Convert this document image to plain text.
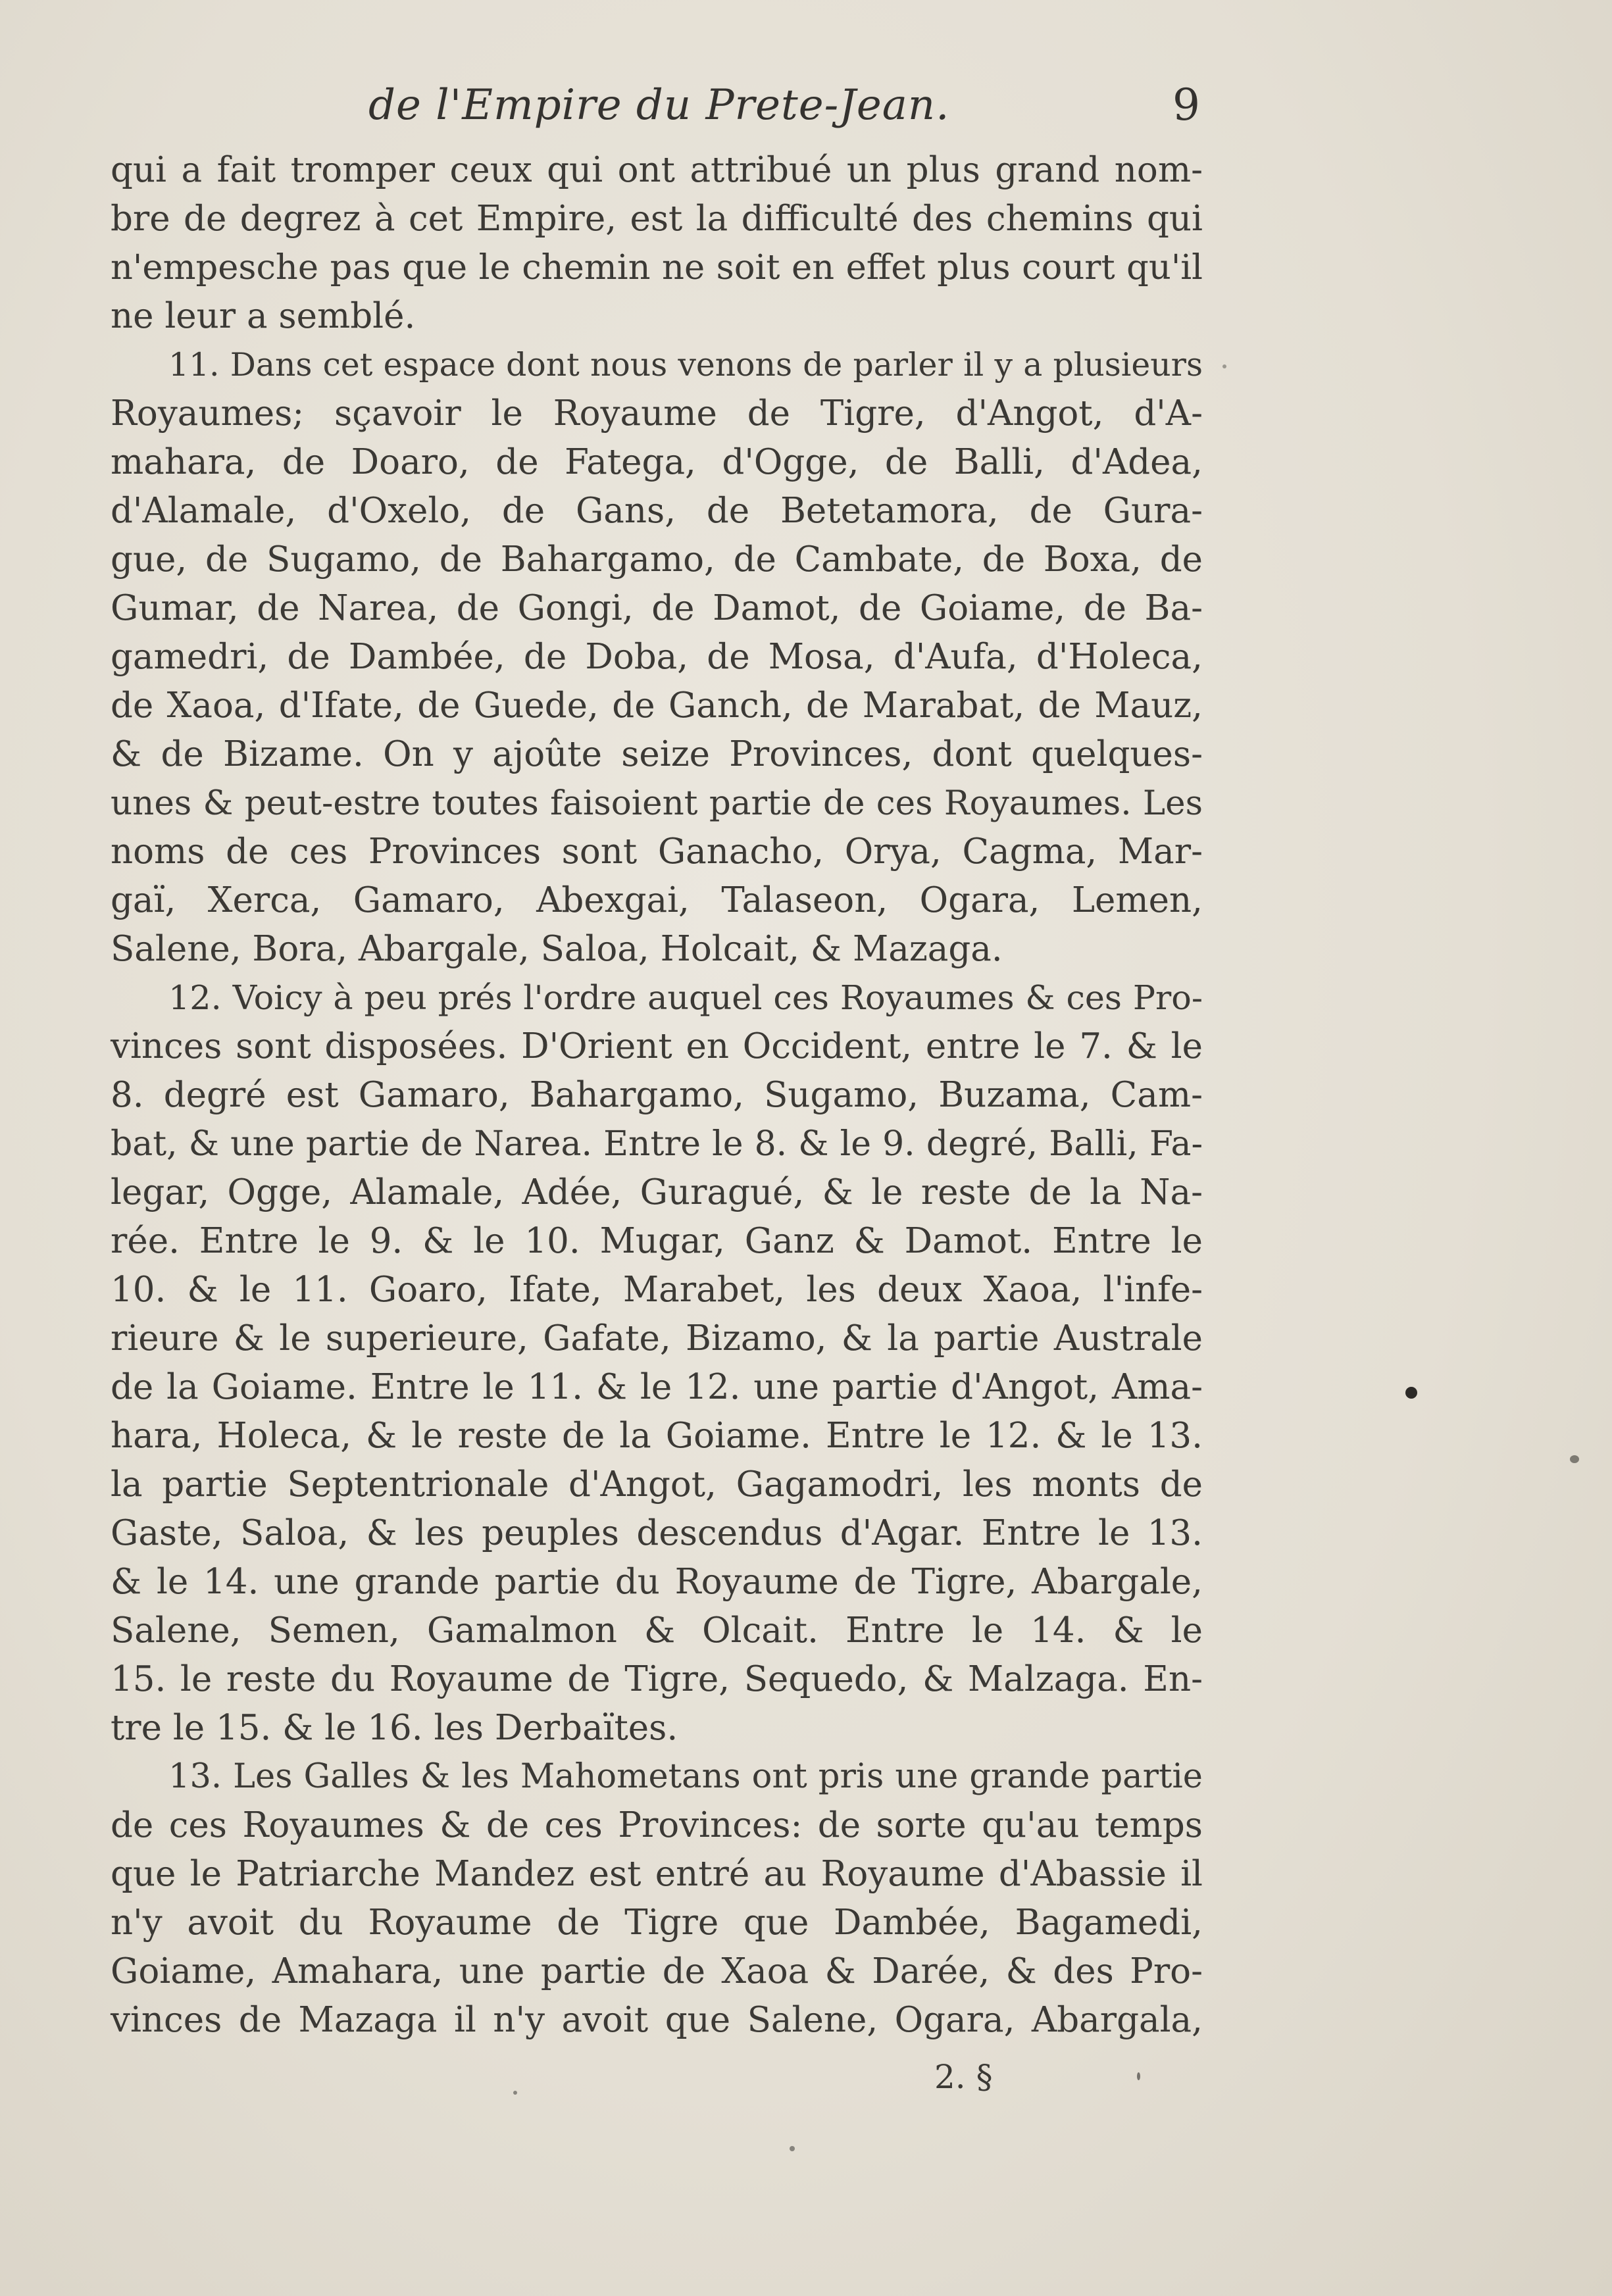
de l'Empire du Prete-Jean.	9
qui a fait tromper ceux qui ont attribué un plus grand nom-
bre de degrez à cet Empire, est la difficulté des chemins qui
n'empesche pas que le chemin ne soit en effet plus court qu'il
ne leur a semblé.
11. Dans cet espace dont nous venons de parler il y a plusieurs
Royaumes; sçavoir le Royaume de Tigre, d'Angot, d'A-
mahara, de Doaro, de Fatega, d'Ogge, de Balli, d'Adea,
d'Alamale, d'Oxelo, de Gans, de Betetamora, de Gura-
gue, de Sugamo, de Bahargamo, de Cambate, de Boxa, de
Gumar, de Narea, de Gongi, de Damot, de Goiame, de Ba-
gamedri, de Dambée, de Doba, de Mosa, d'Aufa, d'Holeca,
de Xaoa, d'Ifate, de Guede, de Ganch, de Marabat, de Mauz,
& de Bizame. On y ajoûte seize Provinces, dont quelques-
unes & peut-estre toutes faisoient partie de ces Royaumes. Les
noms de ces Provinces sont Ganacho, Orya, Cagma, Mar-
gaï, Xerca, Gamaro, Abexgai, Talaseon, Ogara, Lemen,
Salene, Bora, Abargale, Saloa, Holcait, & Mazaga.
12. Voicy à peu prés l'ordre auquel ces Royaumes & ces Pro-
vinces sont disposées. D'Orient en Occident, entre le 7. & le
8. degré est Gamaro, Bahargamo, Sugamo, Buzama, Cam-
bat, & une partie de Narea. Entre le 8. & le 9. degré, Balli, Fa-
legar, Ogge, Alamale, Adée, Guragué, & le reste de la Na-
rée. Entre le 9. & le 10. Mugar, Ganz & Damot. Entre le
10. & le 11. Goaro, Ifate, Marabet, les deux Xaoa, l'infe-
rieure & le superieure, Gafate, Bizamo, & la partie Australe
de la Goiame. Entre le 11. & le 12. une partie d'Angot, Ama-
hara, Holeca, & le reste de la Goiame. Entre le 12. & le 13.
la partie Septentrionale d'Angot, Gagamodri, les monts de
Gaste, Saloa, & les peuples descendus d'Agar. Entre le 13.
& le 14. une grande partie du Royaume de Tigre, Abargale,
Salene, Semen, Gamalmon & Olcait. Entre le 14. & le
15. le reste du Royaume de Tigre, Sequedo, & Malzaga. En-
tre le 15. & le 16. les Derbaïtes.
13. Les Galles & les Mahometans ont pris une grande partie
de ces Royaumes & de ces Provinces: de sorte qu'au temps
que le Patriarche Mandez est entré au Royaume d'Abassie il
n'y avoit du Royaume de Tigre que Dambée, Bagamedi,
Goiame, Amahara, une partie de Xaoa & Darée, & des Pro-
vinces de Mazaga il n'y avoit que Salene, Ogara, Abargala,
2. §
